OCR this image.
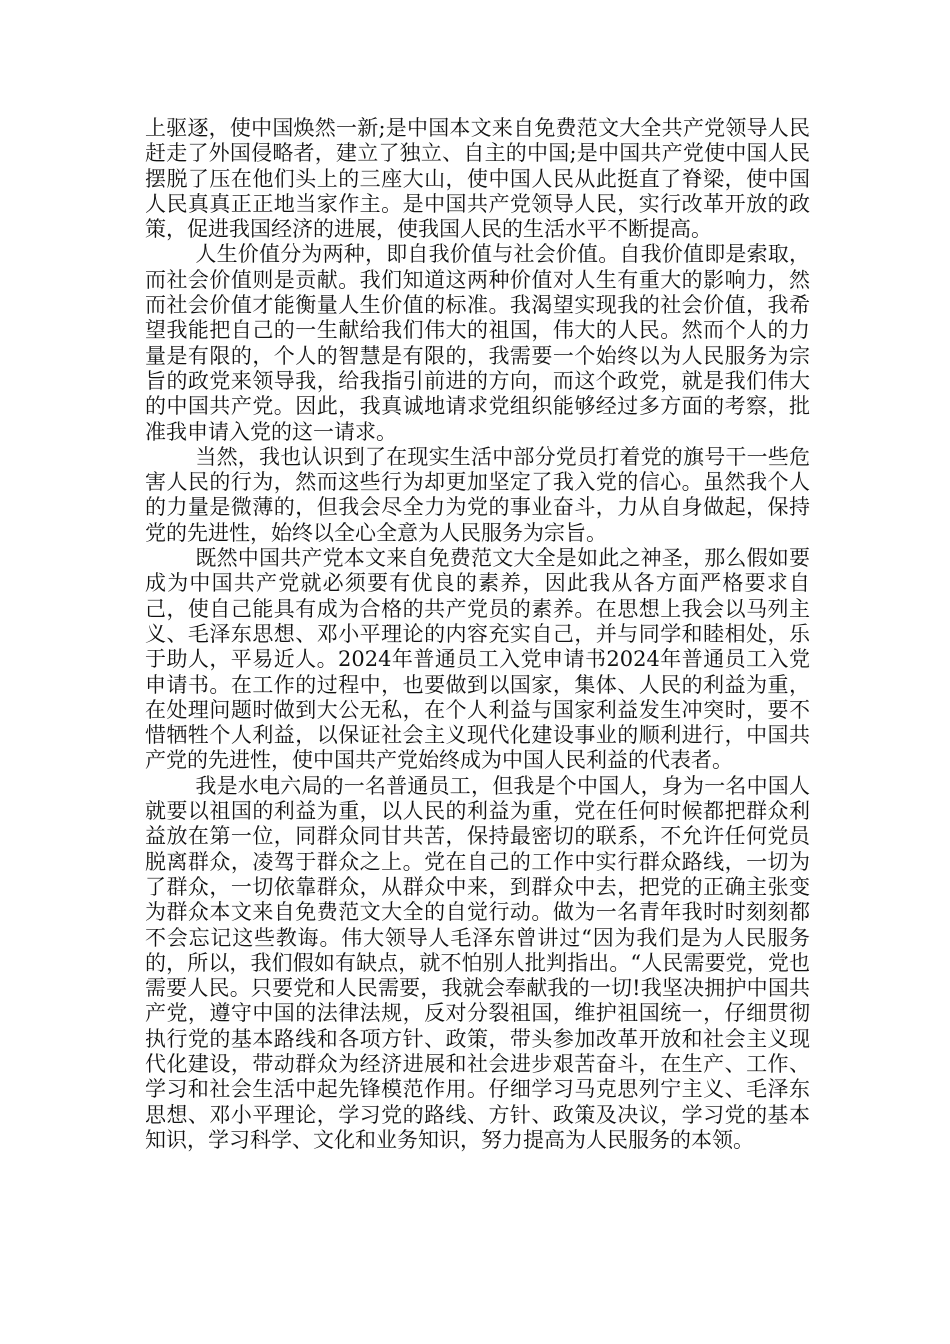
上驱逐，使中国焕然一新;是中国本文来自免费范文大全共产党领导人民赶走了外国侵略者，建立了独立、自主的中国;是中国共产党使中国人民摆脱了压在他们头上的三座大山，使中国人民从此挺直了脊梁，使中国人民真真正正地当家作主。是中国共产党领导人民，实行改革开放的政策，促进我国经济的进展，使我国人民的生活水平不断提高。

人生价值分为两种，即自我价值与社会价值。自我价值即是索取，而社会价值则是贡献。我们知道这两种价值对人生有重大的影响力，然而社会价值才能衡量人生价值的标准。我渴望实现我的社会价值，我希望我能把自己的一生献给我们伟大的祖国，伟大的人民。然而个人的力量是有限的，个人的智慧是有限的，我需要一个始终以为人民服务为宗旨的政党来领导我，给我指引前进的方向，而这个政党，就是我们伟大的中国共产党。因此，我真诚地请求党组织能够经过多方面的考察，批准我申请入党的这一请求。

当然，我也认识到了在现实生活中部分党员打着党的旗号干一些危害人民的行为，然而这些行为却更加坚定了我入党的信心。虽然我个人的力量是微薄的，但我会尽全力为党的事业奋斗，力从自身做起，保持党的先进性，始终以全心全意为人民服务为宗旨。

既然中国共产党本文来自免费范文大全是如此之神圣，那么假如要成为中国共产党就必须要有优良的素养，因此我从各方面严格要求自己，使自己能具有成为合格的共产党员的素养。在思想上我会以马列主义、毛泽东思想、邓小平理论的内容充实自己，并与同学和睦相处，乐于助人，平易近人。2024年普通员工入党申请书2024年普通员工入党申请书。在工作的过程中，也要做到以国家，集体、人民的利益为重，在处理问题时做到大公无私，在个人利益与国家利益发生冲突时，要不惜牺牲个人利益，以保证社会主义现代化建设事业的顺利进行，中国共产党的先进性，使中国共产党始终成为中国人民利益的代表者。

我是水电六局的一名普通员工，但我是个中国人，身为一名中国人就要以祖国的利益为重，以人民的利益为重，党在任何时候都把群众利益放在第一位，同群众同甘共苦，保持最密切的联系，不允许任何党员脱离群众，凌驾于群众之上。党在自己的工作中实行群众路线，一切为了群众，一切依靠群众，从群众中来，到群众中去，把党的正确主张变为群众本文来自免费范文大全的自觉行动。做为一名青年我时时刻刻都不会忘记这些教诲。伟大领导人毛泽东曾讲过“因为我们是为人民服务的，所以，我们假如有缺点，就不怕别人批判指出。“人民需要党，党也需要人民。只要党和人民需要，我就会奉献我的一切!我坚决拥护中国共产党，遵守中国的法律法规，反对分裂祖国，维护祖国统一，仔细贯彻执行党的基本路线和各项方针、政策，带头参加改革开放和社会主义现代化建设，带动群众为经济进展和社会进步艰苦奋斗，在生产、工作、学习和社会生活中起先锋模范作用。仔细学习马克思列宁主义、毛泽东思想、邓小平理论，学习党的路线、方针、政策及决议，学习党的基本知识，学习科学、文化和业务知识，努力提高为人民服务的本领。
